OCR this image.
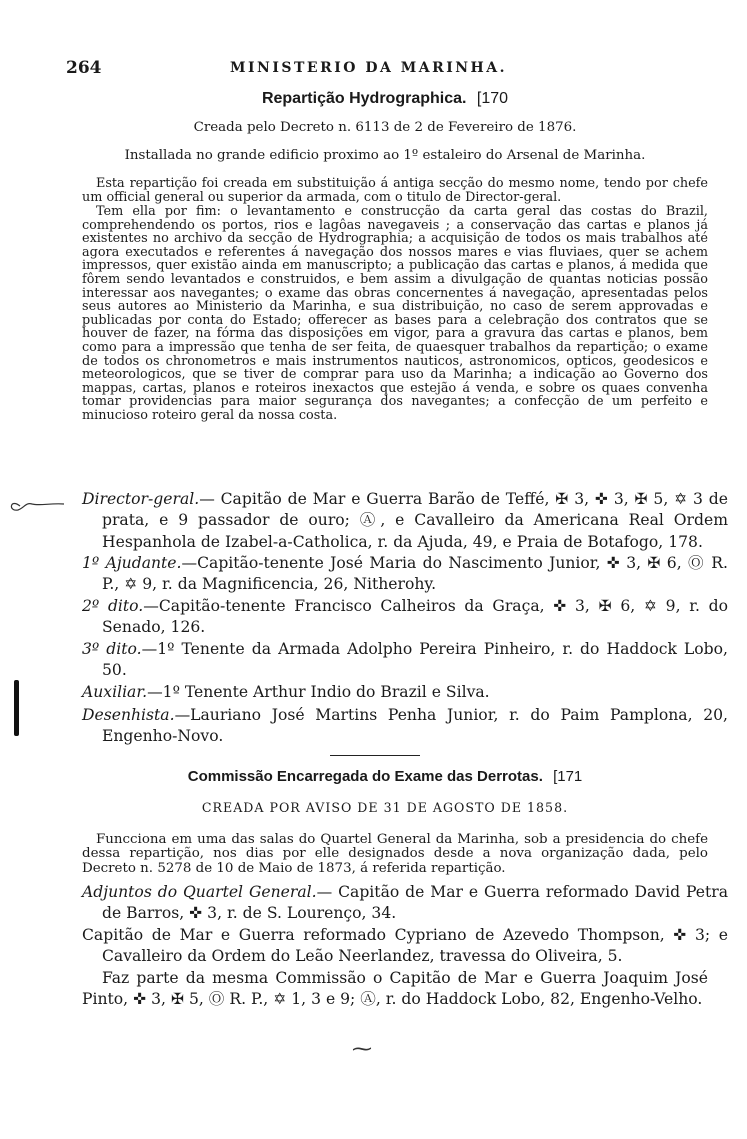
264	MINISTERIO DA MARINHA.
Repartição Hydrographica. [170
Creada pelo Decreto n. 6113 de 2 de Fevereiro de 1876.
Installada no grande edificio proximo ao 1º estaleiro do Arsenal de Marinha.
Esta repartição foi creada em substituição á antiga secção do mesmo nome, tendo por chefe um official general ou superior da armada, com o titulo de Director-geral.
Tem ella por fim: o levantamento e construcção da carta geral das costas do Brazil, comprehendendo os portos, rios e lagôas navegaveis ; a conservação das cartas e planos já existentes no archivo da secção de Hydrographia; a acquisição de todos os mais trabalhos até agora executados e referentes á navegação dos nossos mares e vias fluviaes, quer se achem impressos, quer existão ainda em manuscripto; a publicação das cartas e planos, á medida que fôrem sendo levantados e construidos, e bem assim a divulgação de quantas noticias possão interessar aos navegantes; o exame das obras concernentes á navegação, apresentadas pelos seus autores ao Ministerio da Marinha, e sua distribuição, no caso de serem approvadas e publicadas por conta do Estado; offerecer as bases para a celebração dos contratos que se houver de fazer, na fórma das disposições em vigor, para a gravura das cartas e planos, bem como para a impressão que tenha de ser feita, de quaesquer trabalhos da repartição; o exame de todos os chronometros e mais instrumentos nauticos, astronomicos, opticos, geodesicos e meteorologicos, que se tiver de comprar para uso da Marinha; a indicação ao Governo dos mappas, cartas, planos e roteiros inexactos que estejão á venda, e sobre os quaes convenha tomar providencias para maior segurança dos navegantes; a confecção de um perfeito e minucioso roteiro geral da nossa costa.
Director-geral.— Capitão de Mar e Guerra Barão de Teffé, ✠ 3, ✜ 3, ✠ 5, ✡ 3 de prata, e 9 passador de ouro; Ⓐ, e Cavalleiro da Americana Real Ordem Hespanhola de Izabel-a-Catholica, r. da Ajuda, 49, e Praia de Botafogo, 178.
1º Ajudante.—Capitão-tenente José Maria do Nascimento Junior, ✜ 3, ✠ 6, Ⓞ R. P., ✡ 9, r. da Magnificencia, 26, Nitherohy.
2º dito.—Capitão-tenente Francisco Calheiros da Graça, ✜ 3, ✠ 6, ✡ 9, r. do Senado, 126.
3º dito.—1º Tenente da Armada Adolpho Pereira Pinheiro, r. do Haddock Lobo, 50.
Auxiliar.—1º Tenente Arthur Indio do Brazil e Silva.
Desenhista.—Lauriano José Martins Penha Junior, r. do Paim Pamplona, 20, Engenho-Novo.
Commissão Encarregada do Exame das Derrotas. [171
CREADA POR AVISO DE 31 DE AGOSTO DE 1858.
Funcciona em uma das salas do Quartel General da Marinha, sob a presidencia do chefe dessa repartição, nos dias por elle designados desde a nova organização dada, pelo Decreto n. 5278 de 10 de Maio de 1873, á referida repartição.
Adjuntos do Quartel General.— Capitão de Mar e Guerra reformado David Petra de Barros, ✜ 3, r. de S. Lourenço, 34.
Capitão de Mar e Guerra reformado Cypriano de Azevedo Thompson, ✜ 3; e Cavalleiro da Ordem do Leão Neerlandez, travessa do Oliveira, 5.
Faz parte da mesma Commissão o Capitão de Mar e Guerra Joaquim José Pinto, ✜ 3, ✠ 5, Ⓞ R. P., ✡ 1, 3 e 9; Ⓐ, r. do Haddock Lobo, 82, Engenho-Velho.
⁓
